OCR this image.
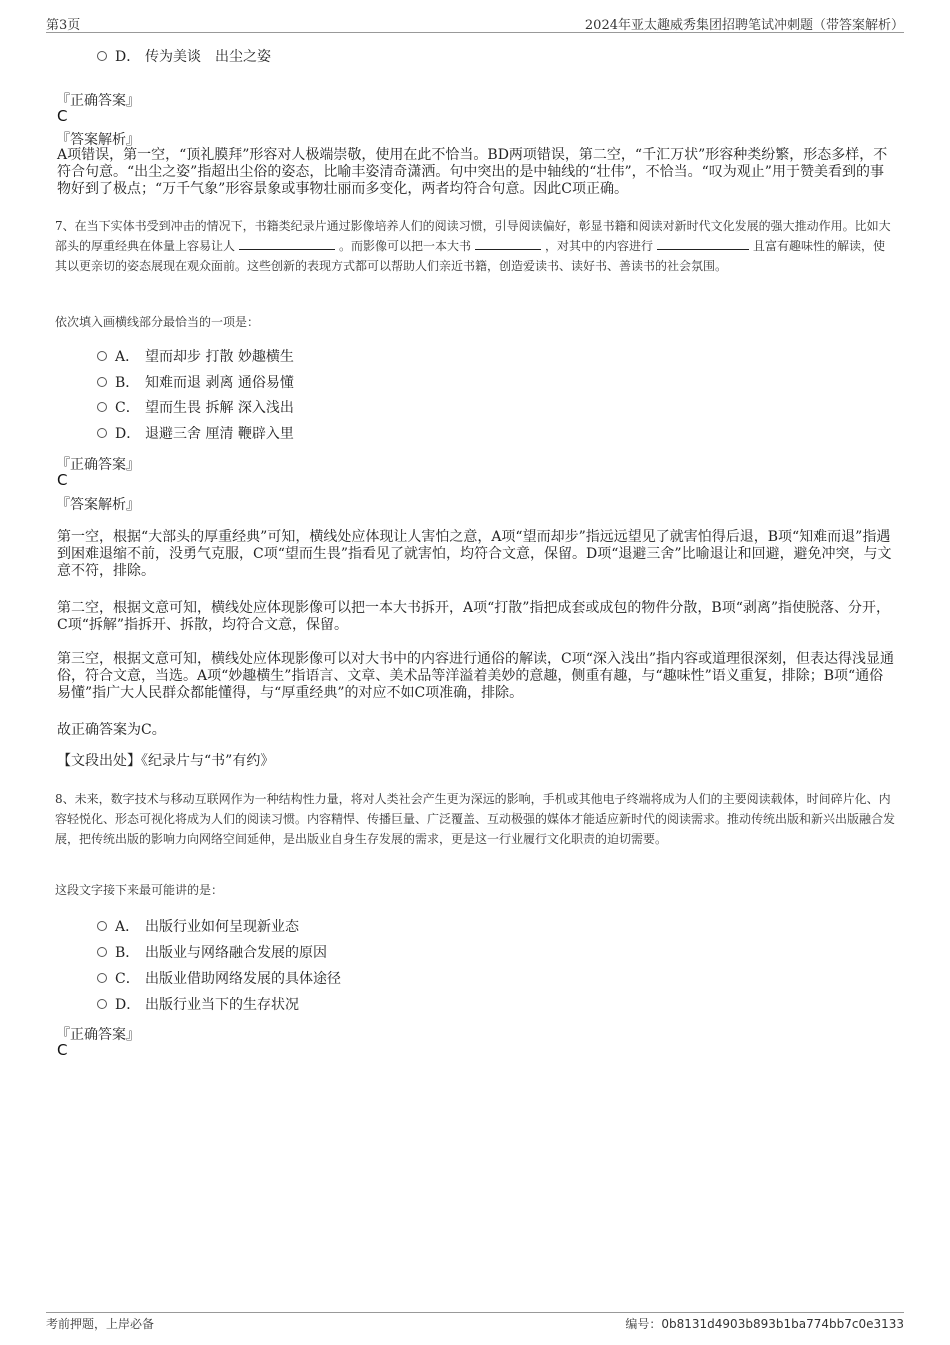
第3页	2024年亚太趣威秀集团招聘笔试冲刺题（带答案解析）
D． 传为美谈　出尘之姿
『正确答案』
C
『答案解析』
A项错误，第一空，“顶礼膜拜”形容对人极端崇敬，使用在此不恰当。BD两项错误，第二空，“千汇万状”形容种类纷繁，形态多样，不符合句意。“出尘之姿”指超出尘俗的姿态，比喻丰姿清奇潇洒。句中突出的是中轴线的“壮伟”，不恰当。“叹为观止”用于赞美看到的事物好到了极点；“万千气象”形容景象或事物壮丽而多变化，两者均符合句意。因此C项正确。
7、在当下实体书受到冲击的情况下，书籍类纪录片通过影像培养人们的阅读习惯，引导阅读偏好，彰显书籍和阅读对新时代文化发展的强大推动作用。比如大部头的厚重经典在体量上容易让人	。而影像可以把一本大书	，对其中的内容进行	且富有趣味性的解读，使其以更亲切的姿态展现在观众面前。这些创新的表现方式都可以帮助人们亲近书籍，创造爱读书、读好书、善读书的社会氛围。
依次填入画横线部分最恰当的一项是：
A． 望而却步 打散 妙趣横生
B． 知难而退 剥离 通俗易懂
C． 望而生畏 拆解 深入浅出
D． 退避三舍 厘清 鞭辟入里
『正确答案』
C
『答案解析』
第一空，根据“大部头的厚重经典”可知，横线处应体现让人害怕之意，A项“望而却步”指远远望见了就害怕得后退，B项“知难而退”指遇到困难退缩不前，没勇气克服，C项“望而生畏”指看见了就害怕，均符合文意，保留。D项“退避三舍”比喻退让和回避，避免冲突，与文意不符，排除。
第二空，根据文意可知，横线处应体现影像可以把一本大书拆开，A项“打散”指把成套或成包的物件分散，B项“剥离”指使脱落、分开，C项“拆解”指拆开、拆散，均符合文意，保留。
第三空，根据文意可知，横线处应体现影像可以对大书中的内容进行通俗的解读，C项“深入浅出”指内容或道理很深刻，但表达得浅显通俗，符合文意，当选。A项“妙趣横生”指语言、文章、美术品等洋溢着美妙的意趣，侧重有趣，与“趣味性”语义重复，排除；B项“通俗易懂”指广大人民群众都能懂得，与“厚重经典”的对应不如C项准确，排除。
故正确答案为C。
【文段出处】《纪录片与“书”有约》
8、未来，数字技术与移动互联网作为一种结构性力量，将对人类社会产生更为深远的影响，手机或其他电子终端将成为人们的主要阅读载体，时间碎片化、内容轻悦化、形态可视化将成为人们的阅读习惯。内容精悍、传播巨量、广泛覆盖、互动极强的媒体才能适应新时代的阅读需求。推动传统出版和新兴出版融合发展，把传统出版的影响力向网络空间延伸，是出版业自身生存发展的需求，更是这一行业履行文化职责的迫切需要。
这段文字接下来最可能讲的是：
A． 出版行业如何呈现新业态
B． 出版业与网络融合发展的原因
C． 出版业借助网络发展的具体途径
D． 出版行业当下的生存状况
『正确答案』
C
考前押题，上岸必备	编号：0b8131d4903b893b1ba774bb7c0e3133
